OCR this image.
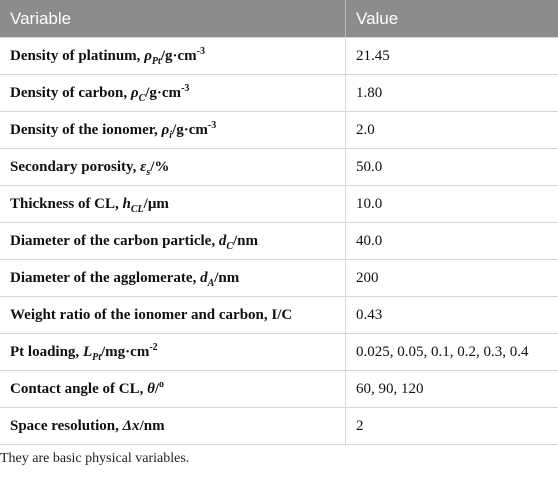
Variable	Value
Density of platinum, $\rho_{Pt}/g\cdot cm^{-3}$	21.45
Density of carbon, $\rho_C/g\cdot cm^{-3}$	1.80
Density of the ionomer, $\rho_i/g\cdot cm^{-3}$	2.0
Secondary porosity, $\varepsilon_s/\%$	50.0
Thickness of CL, $h_{CL}/\mu m$	10.0
Diameter of the carbon particle, $d_C/nm$	40.0
Diameter of the agglomerate, $d_A/nm$	200
Weight ratio of the ionomer and carbon, I/C	0.43
Pt loading, $L_{Pt}/mg\cdot cm^{-2}$	0.025, 0.05, 0.1, 0.2, 0.3, 0.4
Contact angle of CL, θ/$^o$	60, 90, 120
Space resolution, Δx/nm	2
They are basic physical variables.
